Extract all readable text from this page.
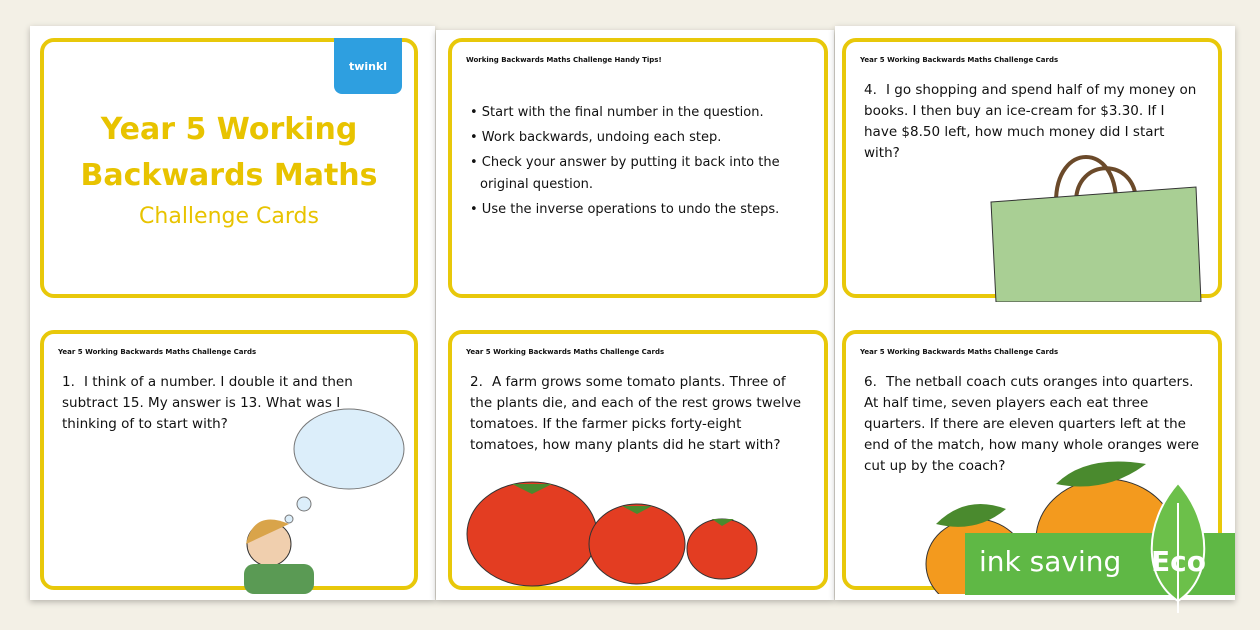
twinkl
Year 5 Working
Backwards Maths
Challenge Cards
Working Backwards Maths Challenge Handy Tips!
• Start with the final number in the question.
• Work backwards, undoing each step.
• Check your answer by putting it back into the original question.
• Use the inverse operations to undo the steps.
Year 5 Working Backwards Maths Challenge Cards
4. I go shopping and spend half of my money on books. I then buy an ice-cream for $3.30. If I have $8.50 left, how much money did I start with?
Year 5 Working Backwards Maths Challenge Cards
1. I think of a number. I double it and then subtract 15. My answer is 13. What was I thinking of to start with?
Year 5 Working Backwards Maths Challenge Cards
2. A farm grows some tomato plants. Three of the plants die, and each of the rest grows twelve tomatoes. If the farmer picks forty-eight tomatoes, how many plants did he start with?
Year 5 Working Backwards Maths Challenge Cards
6. The netball coach cuts oranges into quarters. At half time, seven players each eat three quarters. If there are eleven quarters left at the end of the match, how many whole oranges were cut up by the coach?
ink saving Eco
